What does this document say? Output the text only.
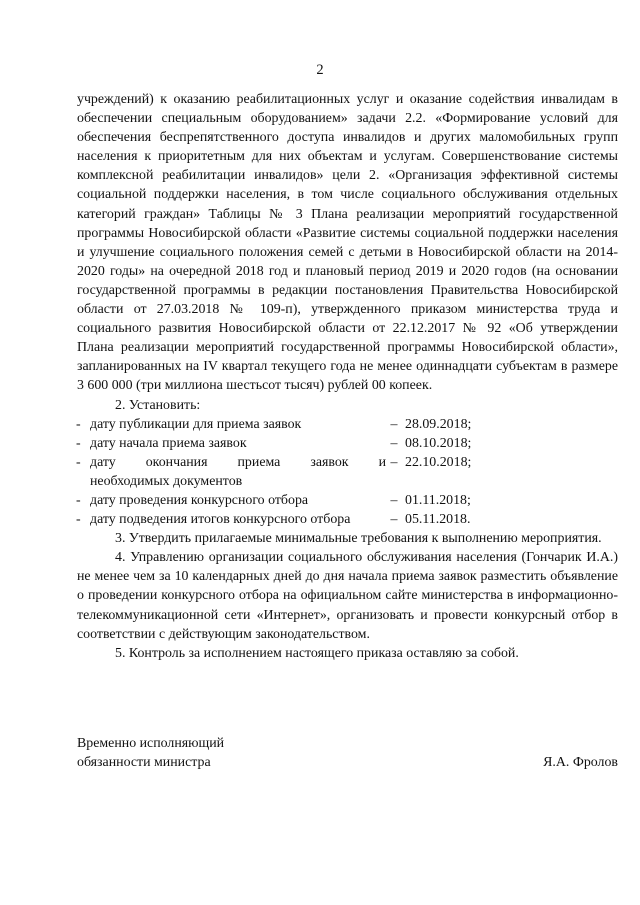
2

учреждений) к оказанию реабилитационных услуг и оказание содействия инвалидам в обеспечении специальным оборудованием» задачи 2.2. «Формирование условий для обеспечения беспрепятственного доступа инвалидов и других маломобильных групп населения к приоритетным для них объектам и услугам. Совершенствование системы комплексной реабилитации инвалидов» цели 2. «Организация эффективной системы социальной поддержки населения, в том числе социального обслуживания отдельных категорий граждан» Таблицы № 3 Плана реализации мероприятий государственной программы Новосибирской области «Развитие системы социальной поддержки населения и улучшение социального положения семей с детьми в Новосибирской области на 2014-2020 годы» на очередной 2018 год и плановый период 2019 и 2020 годов (на основании государственной программы в редакции постановления Правительства Новосибирской области от 27.03.2018 № 109-п), утвержденного приказом министерства труда и социального развития Новосибирской области от 22.12.2017 № 92 «Об утверждении Плана реализации мероприятий государственной программы Новосибирской области», запланированных на IV квартал текущего года не менее одиннадцати субъектам в размере 3 600 000 (три миллиона шестьсот тысяч) рублей 00 копеек.

2. Установить:

- дату публикации для приема заявок	– 28.09.2018;
- дату начала приема заявок	– 08.10.2018;
- дату окончания приема заявок и – 22.10.2018;
необходимых документов
- дату проведения конкурсного отбора	– 01.11.2018;
- дату подведения итогов конкурсного отбора	– 05.11.2018.

3. Утвердить прилагаемые минимальные требования к выполнению мероприятия.

4. Управлению организации социального обслуживания населения (Гончарик И.А.) не менее чем за 10 календарных дней до дня начала приема заявок разместить объявление о проведении конкурсного отбора на официальном сайте министерства в информационно-телекоммуникационной сети «Интернет», организовать и провести конкурсный отбор в соответствии с действующим законодательством.

5. Контроль за исполнением настоящего приказа оставляю за собой.

Временно исполняющий
обязанности министра	Я.А. Фролов
